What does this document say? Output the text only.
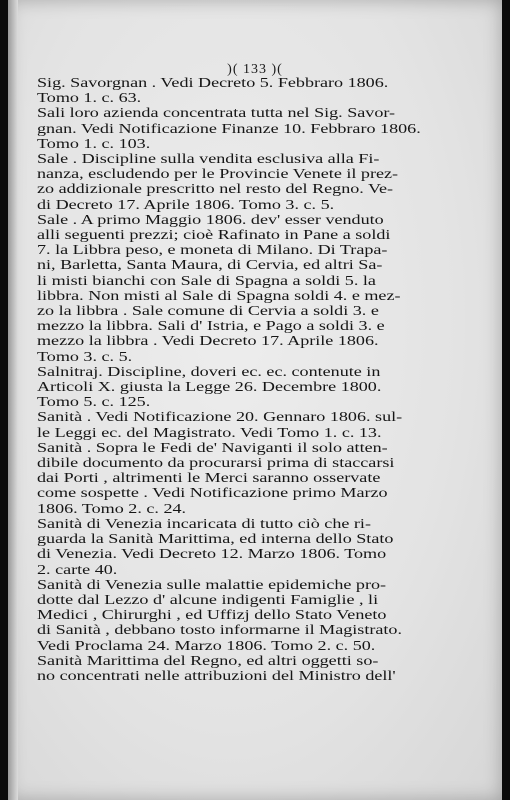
)( 133 )(
Sig. Savorgnan . Vedi Decreto 5. Febbraro 1806.
Tomo 1. c. 63.
Sali loro azienda concentrata tutta nel Sig. Savor-
gnan. Vedi Notificazione Finanze 10. Febbraro 1806.
Tomo 1. c. 103.
Sale . Discipline sulla vendita esclusiva alla Fi-
nanza, escludendo per le Provincie Venete il prez-
zo addizionale prescritto nel resto del Regno. Ve-
di Decreto 17. Aprile 1806. Tomo 3. c. 5.
Sale . A primo Maggio 1806. dev' esser venduto
alli seguenti prezzi; cioè Rafinato in Pane a soldi
7. la Libbra peso, e moneta di Milano. Di Trapa-
ni, Barletta, Santa Maura, di Cervia, ed altri Sa-
li misti bianchi con Sale di Spagna a soldi 5. la
libbra. Non misti al Sale di Spagna soldi 4. e mez-
zo la libbra . Sale comune di Cervia a soldi 3. e
mezzo la libbra. Sali d' Istria, e Pago a soldi 3. e
mezzo la libbra . Vedi Decreto 17. Aprile 1806.
Tomo 3. c. 5.
Salnitraj. Discipline, doveri ec. ec. contenute in
Articoli X. giusta la Legge 26. Decembre 1800.
Tomo 5. c. 125.
Sanità . Vedi Notificazione 20. Gennaro 1806. sul-
le Leggi ec. del Magistrato. Vedi Tomo 1. c. 13.
Sanità . Sopra le Fedi de' Naviganti il solo atten-
dibile documento da procurarsi prima di staccarsi
dai Porti , altrimenti le Merci saranno osservate
come sospette . Vedi Notificazione primo Marzo
1806. Tomo 2. c. 24.
Sanità di Venezia incaricata di tutto ciò che ri-
guarda la Sanità Marittima, ed interna dello Stato
di Venezia. Vedi Decreto 12. Marzo 1806. Tomo
2. carte 40.
Sanità di Venezia sulle malattie epidemiche pro-
dotte dal Lezzo d' alcune indigenti Famiglie , li
Medici , Chirurghi , ed Uffizj dello Stato Veneto
di Sanità , debbano tosto informarne il Magistrato.
Vedi Proclama 24. Marzo 1806. Tomo 2. c. 50.
Sanità Marittima del Regno, ed altri oggetti so-
no concentrati nelle attribuzioni del Ministro dell'
